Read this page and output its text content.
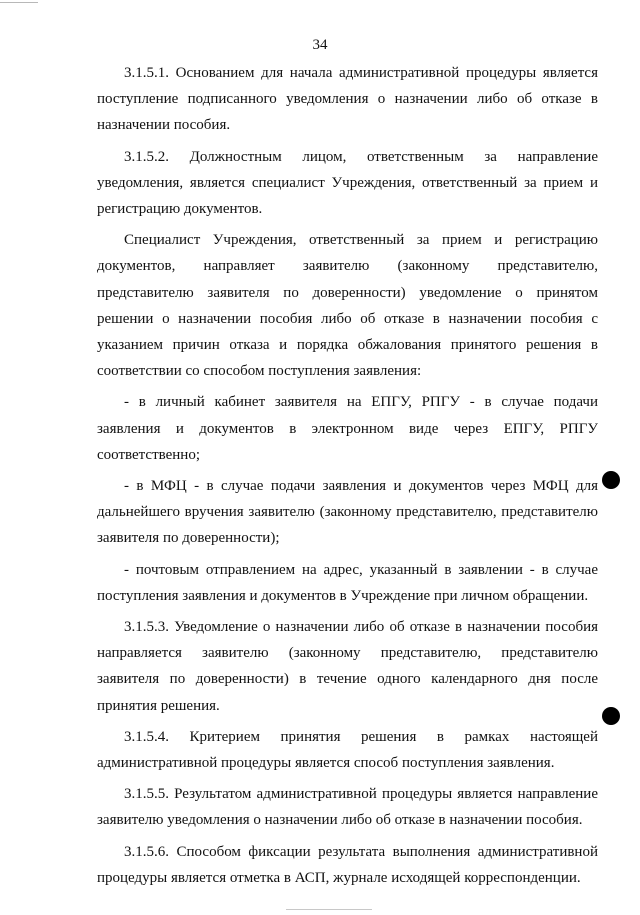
34

3.1.5.1. Основанием для начала административной процедуры является поступление подписанного уведомления о назначении либо об отказе в назначении пособия.

3.1.5.2. Должностным лицом, ответственным за направление уведомления, является специалист Учреждения, ответственный за прием и регистрацию документов.

Специалист Учреждения, ответственный за прием и регистрацию документов, направляет заявителю (законному представителю, представителю заявителя по доверенности) уведомление о принятом решении о назначении пособия либо об отказе в назначении пособия с указанием причин отказа и порядка обжалования принятого решения в соответствии со способом поступления заявления:

- в личный кабинет заявителя на ЕПГУ, РПГУ - в случае подачи заявления и документов в электронном виде через ЕПГУ, РПГУ соответственно;

- в МФЦ - в случае подачи заявления и документов через МФЦ для дальнейшего вручения заявителю (законному представителю, представителю заявителя по доверенности);

- почтовым отправлением на адрес, указанный в заявлении - в случае поступления заявления и документов в Учреждение при личном обращении.

3.1.5.3. Уведомление о назначении либо об отказе в назначении пособия направляется заявителю (законному представителю, представителю заявителя по доверенности) в течение одного календарного дня после принятия решения.

3.1.5.4. Критерием принятия решения в рамках настоящей административной процедуры является способ поступления заявления.

3.1.5.5. Результатом административной процедуры является направление заявителю уведомления о назначении либо об отказе в назначении пособия.

3.1.5.6. Способом фиксации результата выполнения административной процедуры является отметка в АСП, журнале исходящей корреспонденции.
